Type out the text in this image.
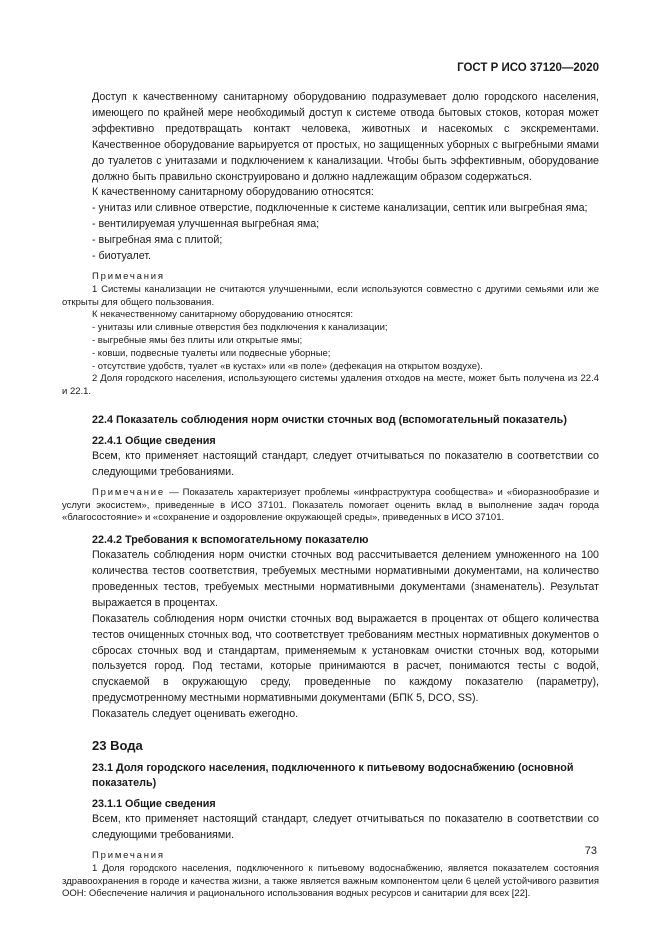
ГОСТ Р ИСО 37120—2020

Доступ к качественному санитарному оборудованию подразумевает долю городского населения, имеющего по крайней мере необходимый доступ к системе отвода бытовых стоков, которая может эффективно предотвращать контакт человека, животных и насекомых с экскрементами. Качественное оборудование варьируется от простых, но защищенных уборных с выгребными ямами до туалетов с унитазами и подключением к канализации. Чтобы быть эффективным, оборудование должно быть правильно сконструировано и должно надлежащим образом содержаться.

К качественному санитарному оборудованию относятся:

- унитаз или сливное отверстие, подключенные к системе канализации, септик или выгребная яма;

- вентилируемая улучшенная выгребная яма;

- выгребная яма с плитой;

- биотуалет.

Примечания

1 Системы канализации не считаются улучшенными, если используются совместно с другими семьями или же открыты для общего пользования.

К некачественному санитарному оборудованию относятся:

- унитазы или сливные отверстия без подключения к канализации;

- выгребные ямы без плиты или открытые ямы;

- ковши, подвесные туалеты или подвесные уборные;

- отсутствие удобств, туалет «в кустах» или «в поле» (дефекация на открытом воздухе).

2 Доля городского населения, использующего системы удаления отходов на месте, может быть получена из 22.4 и 22.1.

22.4 Показатель соблюдения норм очистки сточных вод (вспомогательный показатель)
22.4.1 Общие сведения

Всем, кто применяет настоящий стандарт, следует отчитываться по показателю в соответствии со следующими требованиями.

Примечание — Показатель характеризует проблемы «инфраструктура сообщества» и «биоразнообразие и услуги экосистем», приведенные в ИСО 37101. Показатель помогает оценить вклад в выполнение задач города «благосостояние» и «сохранение и оздоровление окружающей среды», приведенных в ИСО 37101.

22.4.2 Требования к вспомогательному показателю

Показатель соблюдения норм очистки сточных вод рассчитывается делением умноженного на 100 количества тестов соответствия, требуемых местными нормативными документами, на количество проведенных тестов, требуемых местными нормативными документами (знаменатель). Результат выражается в процентах.

Показатель соблюдения норм очистки сточных вод выражается в процентах от общего количества тестов очищенных сточных вод, что соответствует требованиям местных нормативных документов о сбросах сточных вод и стандартам, применяемым к установкам очистки сточных вод, которыми пользуется город. Под тестами, которые принимаются в расчет, понимаются тесты с водой, спускаемой в окружающую среду, проведенные по каждому показателю (параметру), предусмотренному местными нормативными документами (БПК 5, DCO, SS).

Показатель следует оценивать ежегодно.

23 Вода
23.1 Доля городского населения, подключенного к питьевому водоснабжению (основной показатель)
23.1.1 Общие сведения

Всем, кто применяет настоящий стандарт, следует отчитываться по показателю в соответствии со следующими требованиями.

Примечания

1 Доля городского населения, подключенного к питьевому водоснабжению, является показателем состояния здравоохранения в городе и качества жизни, а также является важным компонентом цели 6 целей устойчивого развития ООН: Обеспечение наличия и рационального использования водных ресурсов и санитарии для всех [22].

73
